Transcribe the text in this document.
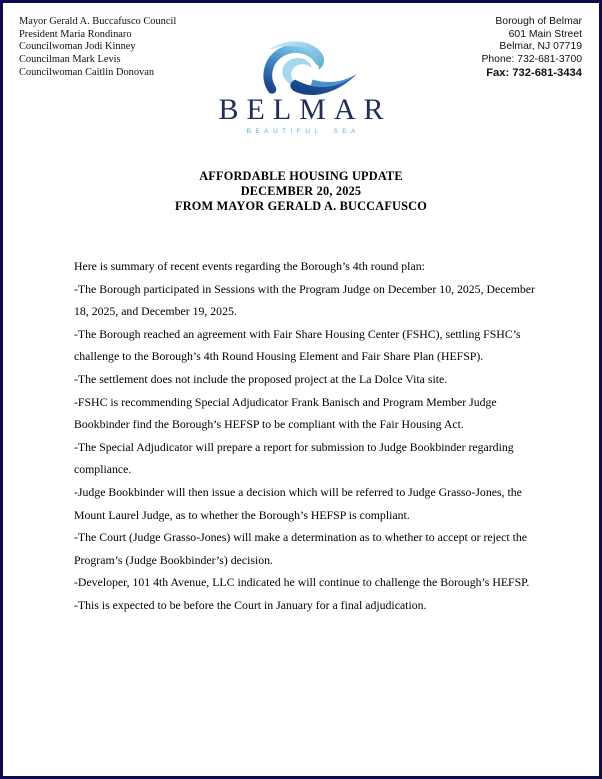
Mayor Gerald A. Buccafusco Council
President Maria Rondinaro
Councilwoman Jodi Kinney
Councilman Mark Levis
Councilwoman Caitlin Donovan
Borough of Belmar
601 Main Street
Belmar, NJ 07719
Phone: 732-681-3700
Fax: 732-681-3434
BELMAR
BEAUTIFUL SEA
AFFORDABLE HOUSING UPDATE
DECEMBER 20, 2025
FROM MAYOR GERALD A. BUCCAFUSCO

Here is summary of recent events regarding the Borough’s 4th round plan:

-The Borough participated in Sessions with the Program Judge on December 10, 2025, December 18, 2025, and December 19, 2025.

-The Borough reached an agreement with Fair Share Housing Center (FSHC), settling FSHC’s challenge to the Borough’s 4th Round Housing Element and Fair Share Plan (HEFSP).

-The settlement does not include the proposed project at the La Dolce Vita site.

-FSHC is recommending Special Adjudicator Frank Banisch and Program Member Judge Bookbinder find the Borough’s HEFSP to be compliant with the Fair Housing Act.

-The Special Adjudicator will prepare a report for submission to Judge Bookbinder regarding compliance.

-Judge Bookbinder will then issue a decision which will be referred to Judge Grasso-Jones, the Mount Laurel Judge, as to whether the Borough’s HEFSP is compliant.

-The Court (Judge Grasso-Jones) will make a determination as to whether to accept or reject the Program’s (Judge Bookbinder’s) decision.

-Developer, 101 4th Avenue, LLC indicated he will continue to challenge the Borough’s HEFSP.

-This is expected to be before the Court in January for a final adjudication.
